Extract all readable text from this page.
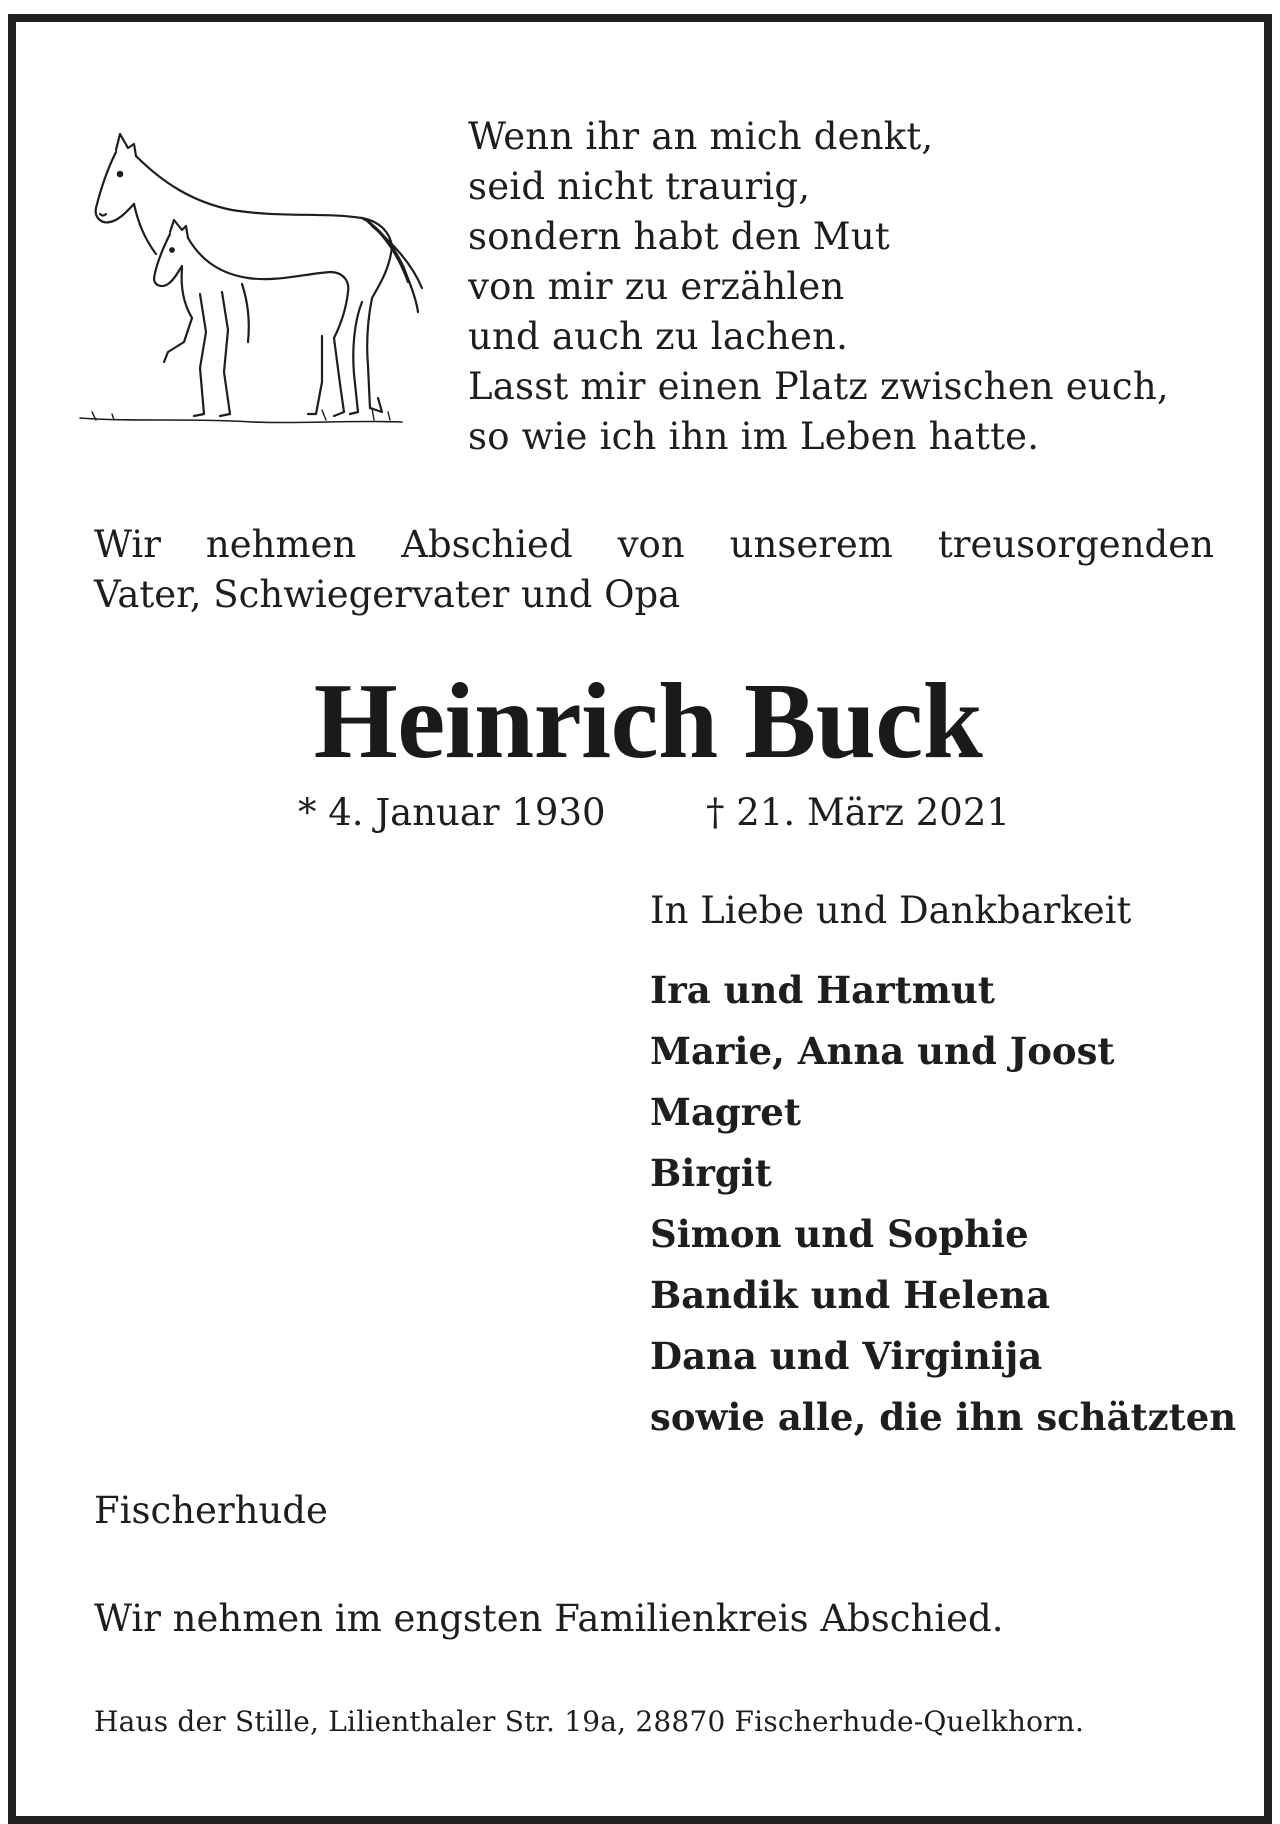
Wenn ihr an mich denkt,
seid nicht traurig,
sondern habt den Mut
von mir zu erzählen
und auch zu lachen.
Lasst mir einen Platz zwischen euch,
so wie ich ihn im Leben hatte.
Wir nehmen Abschied von unserem treusorgenden
Vater, Schwiegervater und Opa
Heinrich Buck
* 4. Januar 1930	† 21. März 2021
In Liebe und Dankbarkeit
Ira und Hartmut
Marie, Anna und Joost
Magret
Birgit
Simon und Sophie
Bandik und Helena
Dana und Virginija
sowie alle, die ihn schätzten
Fischerhude
Wir nehmen im engsten Familienkreis Abschied.
Haus der Stille, Lilienthaler Str. 19a, 28870 Fischerhude-Quelkhorn.
